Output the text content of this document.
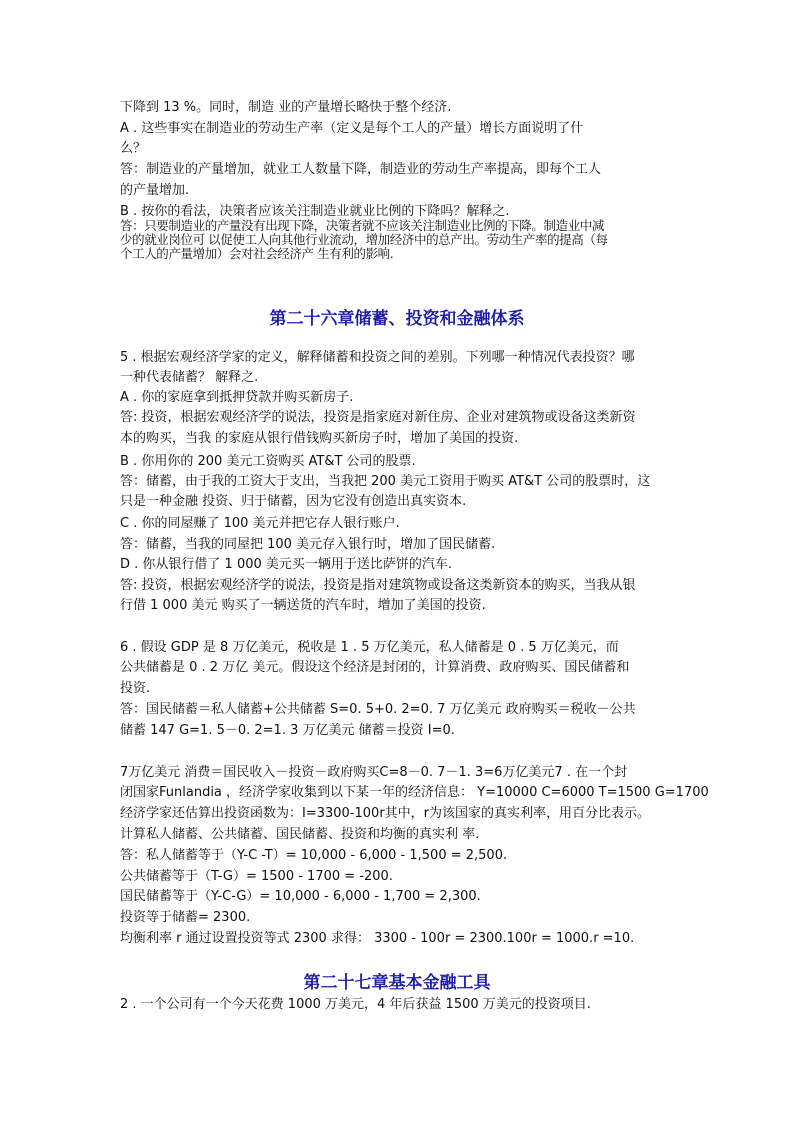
下降到 13 %。同时，制造 业的产量增长略快于整个经济.
A . 这些事实在制造业的劳动生产率（定义是每个工人的产量）增长方面说明了什
么？
答：制造业的产量增加，就业工人数量下降，制造业的劳动生产率提高，即每个工人
的产量增加.
B . 按你的看法，决策者应该关注制造业就业比例的下降吗？解释之.
答：只要制造业的产量没有出现下降，决策者就不应该关注制造业比例的下降。制造业中减
少的就业岗位可 以促使工人向其他行业流动，增加经济中的总产出。劳动生产率的提高（每
个工人的产量增加）会对社会经济产 生有利的影响.
第二十六章储蓄、投资和金融体系
5 . 根据宏观经济学家的定义，解释储蓄和投资之间的差别。下列哪一种情况代表投资？哪
一种代表储蓄？ 解释之.
A . 你的家庭拿到抵押贷款并购买新房子.
答: 投资，根据宏观经济学的说法，投资是指家庭对新住房、企业对建筑物或设备这类新资
本的购买，当我 的家庭从银行借钱购买新房子时，增加了美国的投资.
B . 你用你的 200 美元工资购买 AT&T 公司的股票.
答：储蓄，由于我的工资大于支出，当我把 200 美元工资用于购买 AT&T 公司的股票时，这
只是一种金融 投资、归于储蓄，因为它没有创造出真实资本.
C . 你的同屋赚了 100 美元并把它存人银行账户.
答：储蓄，当我的同屋把 100 美元存入银行时，增加了国民储蓄.
D . 你从银行借了 1 000 美元买一辆用于送比萨饼的汽车.
答: 投资，根据宏观经济学的说法，投资是指对建筑物或设备这类新资本的购买，当我从银
行借 1 000 美元 购买了一辆送货的汽车时，增加了美国的投资.
6 . 假设 GDP 是 8 万亿美元，税收是 1 . 5 万亿美元，私人储蓄是 0 . 5 万亿美元，而
公共储蓄是 0 . 2 万亿 美元。假设这个经济是封闭的，计算消费、政府购买、国民储蓄和
投资.
答：国民储蓄＝私人储蓄+公共储蓄 S=0. 5+0. 2=0. 7 万亿美元 政府购买＝税收－公共
储蓄 147 G=1. 5－0. 2=1. 3 万亿美元 储蓄＝投资 I=0.
7万亿美元 消费＝国民收入－投资－政府购买C=8－0. 7－1. 3=6万亿美元7 . 在一个封
闭国家Funlandia ，经济学家收集到以下某一年的经济信息： Y=10000 C=6000 T=1500 G=1700
经济学家还估算出投资函数为：I=3300-100r其中，r为该国家的真实利率，用百分比表示。
计算私人储蓄、公共储蓄、国民储蓄、投资和均衡的真实利 率.
答：私人储蓄等于（Y-C -T）= 10,000 - 6,000 - 1,500 = 2,500.
公共储蓄等于（T-G）= 1500 - 1700 = -200.
国民储蓄等于（Y-C-G）= 10,000 - 6,000 - 1,700 = 2,300.
投资等于储蓄= 2300.
均衡利率 r 通过设置投资等式 2300 求得： 3300 - 100r = 2300.100r = 1000.r =10.
第二十七章基本金融工具
2 . 一个公司有一个今天花费 1000 万美元，4 年后获益 1500 万美元的投资项目.
